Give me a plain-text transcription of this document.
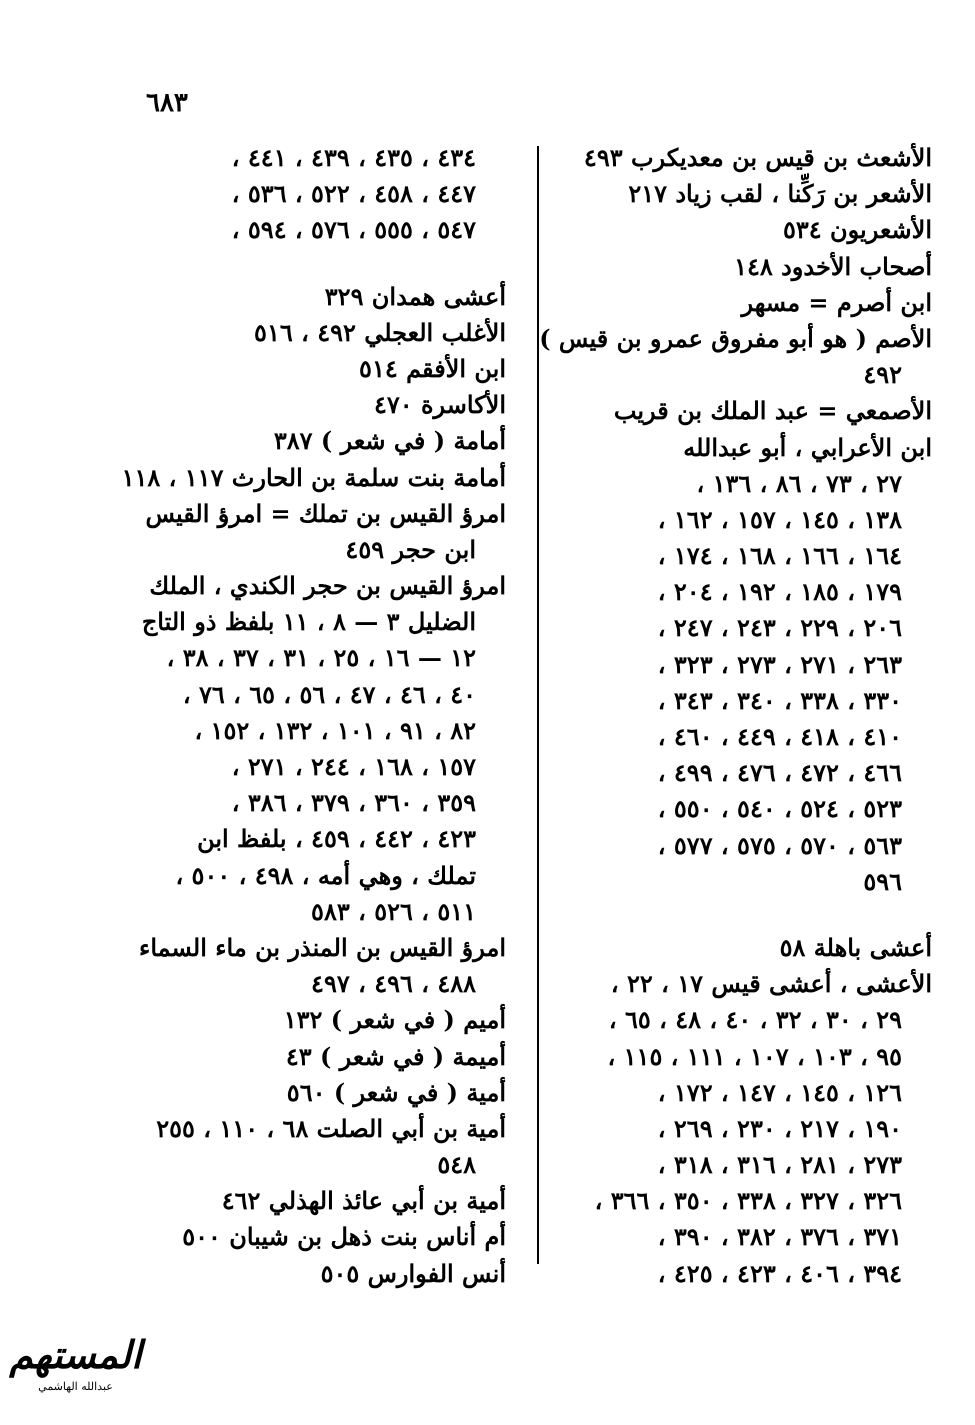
٦٨٣
الأشعث بن قيس بن معديكرب ٤٩٣
الأشعر بن رَكِّنا ، لقب زياد ٢١٧
الأشعريون ٥٣٤
أصحاب الأخدود ١٤٨
ابن أصرم = مسهر
الأصم ( هو أبو مفروق عمرو بن قيس )
٤٩٢
الأصمعي = عبد الملك بن قريب
ابن الأعرابي ، أبو عبدالله
٢٧ ، ٧٣ ، ٨٦ ، ١٣٦ ،
١٣٨ ، ١٤٥ ، ١٥٧ ، ١٦٢ ،
١٦٤ ، ١٦٦ ، ١٦٨ ، ١٧٤ ،
١٧٩ ، ١٨٥ ، ١٩٢ ، ٢٠٤ ،
٢٠٦ ، ٢٢٩ ، ٢٤٣ ، ٢٤٧ ،
٢٦٣ ، ٢٧١ ، ٢٧٣ ، ٣٢٣ ،
٣٣٠ ، ٣٣٨ ، ٣٤٠ ، ٣٤٣ ،
٤١٠ ، ٤١٨ ، ٤٤٩ ، ٤٦٠ ،
٤٦٦ ، ٤٧٢ ، ٤٧٦ ، ٤٩٩ ،
٥٢٣ ، ٥٢٤ ، ٥٤٠ ، ٥٥٠ ،
٥٦٣ ، ٥٧٠ ، ٥٧٥ ، ٥٧٧ ،
٥٩٦
أعشى باهلة ٥٨
الأعشى ، أعشى قيس ١٧ ، ٢٢ ،
٢٩ ، ٣٠ ، ٣٢ ، ٤٠ ، ٤٨ ، ٦٥ ،
٩٥ ، ١٠٣ ، ١٠٧ ، ١١١ ، ١١٥ ،
١٢٦ ، ١٤٥ ، ١٤٧ ، ١٧٢ ،
١٩٠ ، ٢١٧ ، ٢٣٠ ، ٢٦٩ ،
٢٧٣ ، ٢٨١ ، ٣١٦ ، ٣١٨ ،
٣٢٦ ، ٣٢٧ ، ٣٣٨ ، ٣٥٠ ، ٣٦٦ ،
٣٧١ ، ٣٧٦ ، ٣٨٢ ، ٣٩٠ ،
٣٩٤ ، ٤٠٦ ، ٤٢٣ ، ٤٢٥ ،
٤٣٤ ، ٤٣٥ ، ٤٣٩ ، ٤٤١ ،
٤٤٧ ، ٤٥٨ ، ٥٢٢ ، ٥٣٦ ،
٥٤٧ ، ٥٥٥ ، ٥٧٦ ، ٥٩٤ ،
أعشى همدان ٣٢٩
الأغلب العجلي ٤٩٢ ، ٥١٦
ابن الأفقم ٥١٤
الأكاسرة ٤٧٠
أمامة ( في شعر ) ٣٨٧
أمامة بنت سلمة بن الحارث ١١٧ ، ١١٨
امرؤ القيس بن تملك = امرؤ القيس
ابن حجر ٤٥٩
امرؤ القيس بن حجر الكندي ، الملك
الضليل ٣ — ٨ ، ١١ بلفظ ذو التاج
١٢ — ١٦ ، ٢٥ ، ٣١ ، ٣٧ ، ٣٨ ،
٤٠ ، ٤٦ ، ٤٧ ، ٥٦ ، ٦٥ ، ٧٦ ،
٨٢ ، ٩١ ، ١٠١ ، ١٣٢ ، ١٥٢ ،
١٥٧ ، ١٦٨ ، ٢٤٤ ، ٢٧١ ،
٣٥٩ ، ٣٦٠ ، ٣٧٩ ، ٣٨٦ ،
٤٢٣ ، ٤٤٢ ، ٤٥٩ ، بلفظ ابن
تملك ، وهي أمه ، ٤٩٨ ، ٥٠٠ ،
٥١١ ، ٥٢٦ ، ٥٨٣
امرؤ القيس بن المنذر بن ماء السماء
٤٨٨ ، ٤٩٦ ، ٤٩٧
أميم ( في شعر ) ١٣٢
أميمة ( في شعر ) ٤٣
أمية ( في شعر ) ٥٦٠
أمية بن أبي الصلت ٦٨ ، ١١٠ ، ٢٥٥
٥٤٨
أمية بن أبي عائذ الهذلي ٤٦٢
أم أناس بنت ذهل بن شيبان ٥٠٠
أنس الفوارس ٥٠٥
المستهم
عبدالله الهاشمي
